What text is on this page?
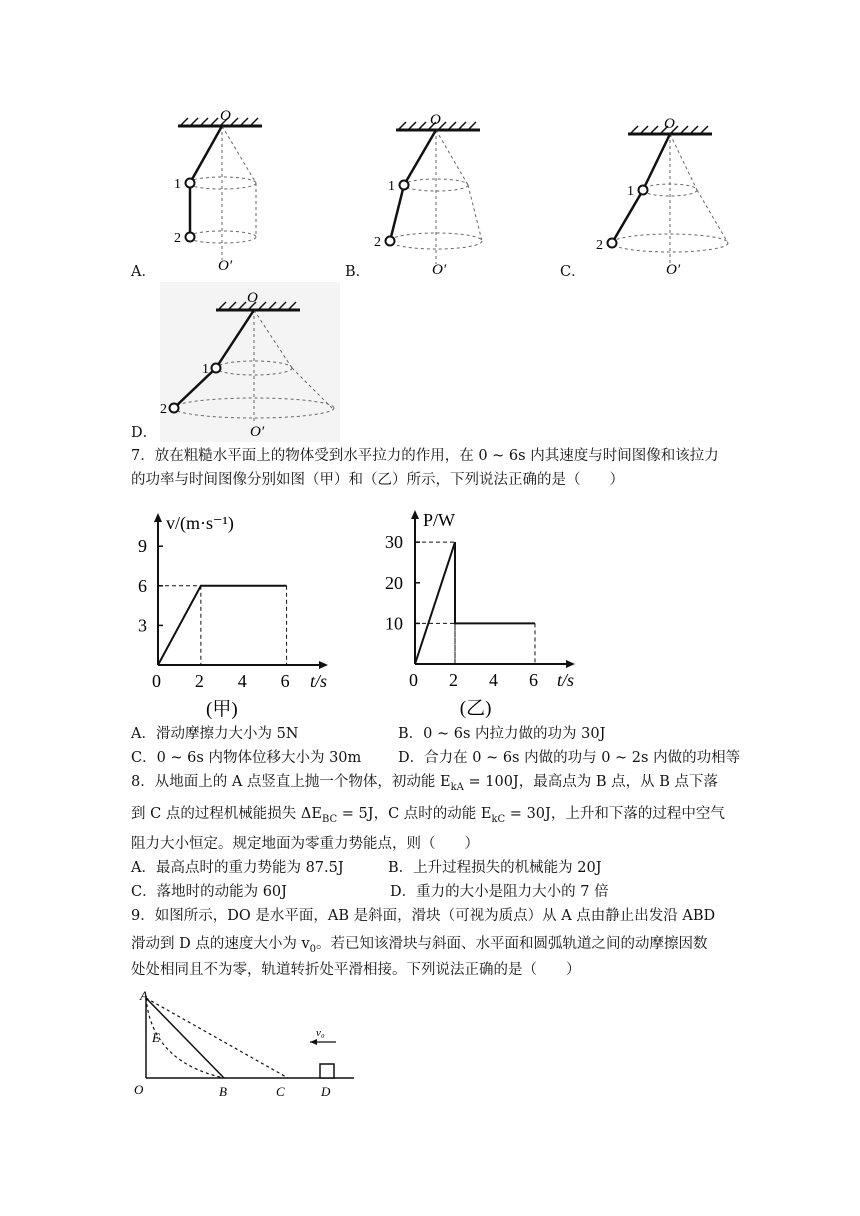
O
1
2
O′
A．
O
1
2
O′
B．
O
1
2
O′
C．
O
1
2
O′
D．
7．放在粗糙水平面上的物体受到水平拉力的作用，在 0 ~ 6s 内其速度与时间图像和该拉力
的功率与时间图像分别如图（甲）和（乙）所示，下列说法正确的是（　　）
0 2 4 6
3
6
9
t/s
v/(m·s⁻¹)
(甲)
0 2 4 6
10
20
30
t/s
P/W
(乙)
A．滑动摩擦力大小为 5N	B．0 ~ 6s 内拉力做的功为 30J
C．0 ~ 6s 内物体位移大小为 30m	D．合力在 0 ~ 6s 内做的功与 0 ~ 2s 内做的功相等
8．从地面上的 A 点竖直上抛一个物体，初动能 $E_{kA} = 100J$，最高点为 B 点，从 B 点下落
到 C 点的过程机械能损失 $\Delta E_{BC} = 5J$，C 点时的动能 $E_{kC} = 30J$，上升和下落的过程中空气
阻力大小恒定。规定地面为零重力势能点，则（　　）
A．最高点时的重力势能为 87.5J	B．上升过程损失的机械能为 20J
C．落地时的动能为 60J	D．重力的大小是阻力大小的 7 倍
9．如图所示，DO 是水平面，AB 是斜面，滑块（可视为质点）从 A 点由静止出发沿 ABD
滑动到 D 点的速度大小为 $v_0$。若已知该滑块与斜面、水平面和圆弧轨道之间的动摩擦因数
处处相同且不为零，轨道转折处平滑相接。下列说法正确的是（　　）
A
E
O	B	C	D
v₀
